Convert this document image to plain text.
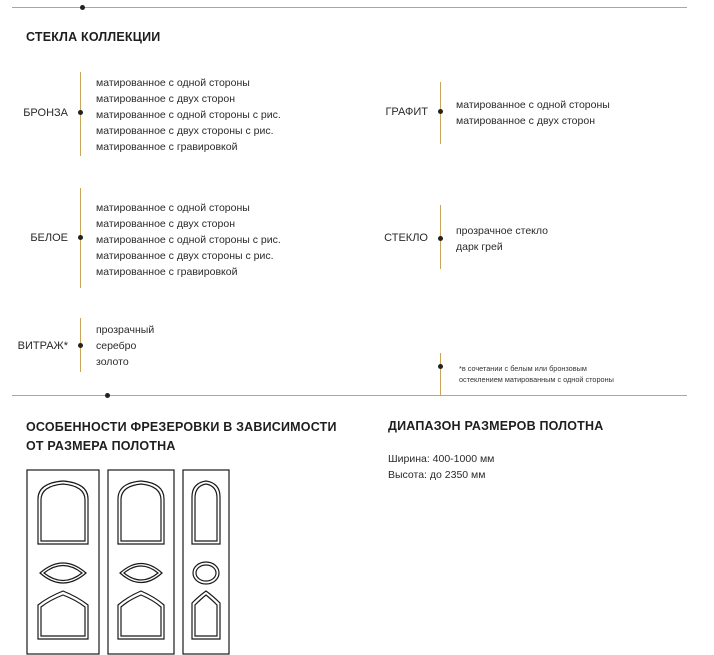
СТЕКЛА КОЛЛЕКЦИИ
БРОНЗА
матированное с одной стороны
матированное с двух сторон
матированное с одной стороны с рис.
матированное с двух стороны с рис.
матированное с гравировкой
БЕЛОЕ
матированное с одной стороны
матированное с двух сторон
матированное с одной стороны с рис.
матированное с двух стороны с рис.
матированное с гравировкой
ВИТРАЖ*
прозрачный
серебро
золото
ГРАФИТ
матированное с одной стороны
матированное с двух сторон
СТЕКЛО
прозрачное стекло
дарк грей
*в сочетании с белым или бронзовым
остеклением матированным с одной стороны
ОСОБЕННОСТИ ФРЕЗЕРОВКИ В ЗАВИСИМОСТИ
ОТ РАЗМЕРА ПОЛОТНА
ДИАПАЗОН РАЗМЕРОВ ПОЛОТНА
Ширина: 400-1000 мм
Высота: до 2350 мм
